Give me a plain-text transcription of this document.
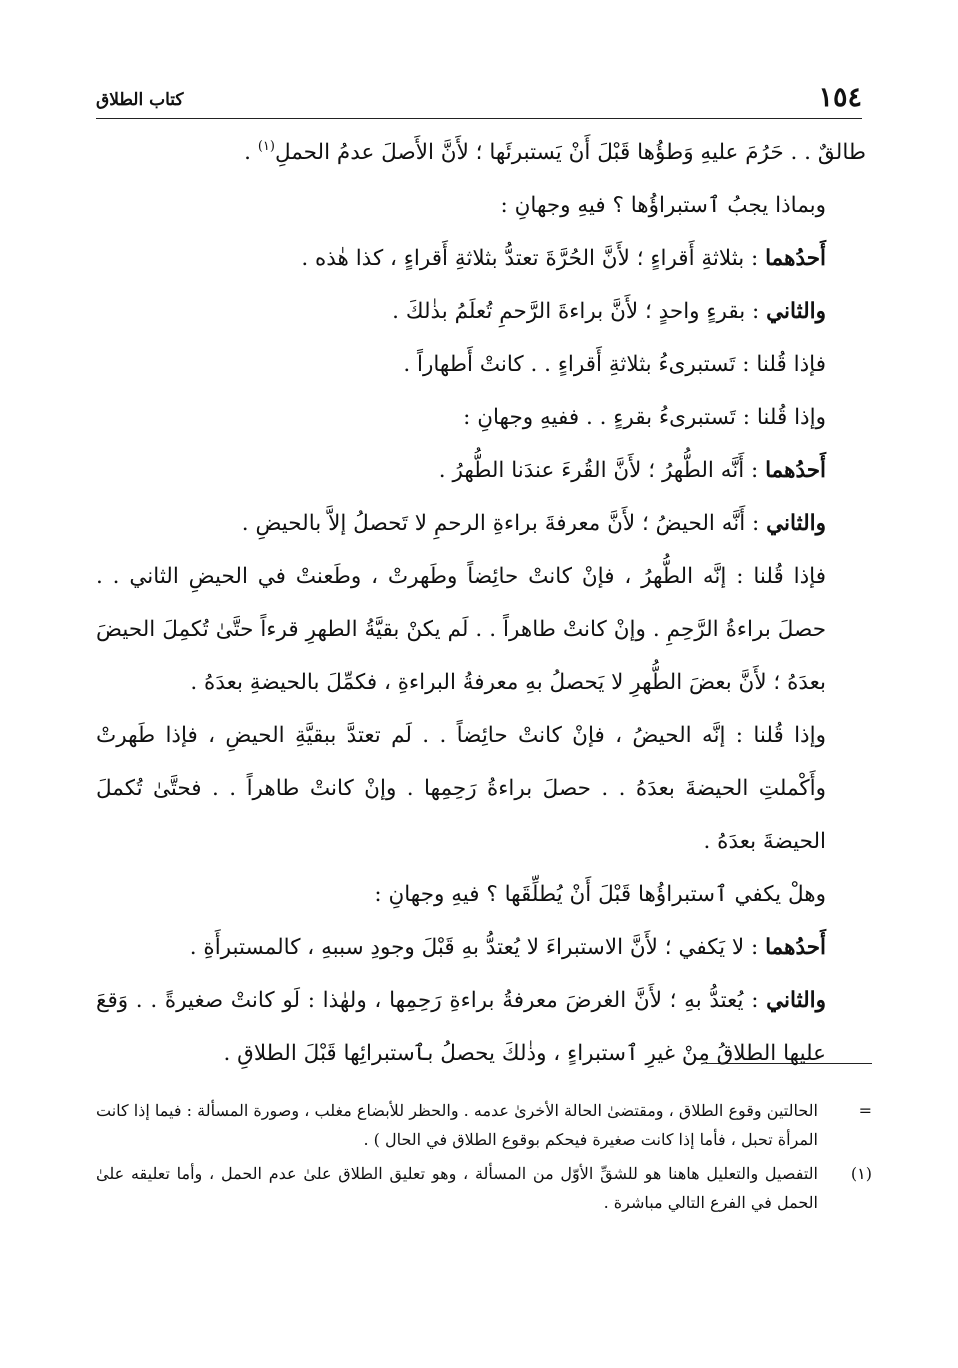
١٥٤
كتاب الطلاق

طالقٌ . . حَرُمَ عليهِ وَطؤُها قَبْلَ أَنْ يَستبرئَها ؛ لأَنَّ الأَصلَ عدمُ الحملِ$^{(١)}$ .

وبماذا يجبُ ٱستبراؤُها ؟ فيهِ وجهانِ :

أَحدُهما : بثلاثةِ أَقراءٍ ؛ لأَنَّ الحُرَّةَ تعتدُّ بثلاثةِ أَقراءٍ ، كذا هٰذه .

والثاني : بقرءٍ واحدٍ ؛ لأَنَّ براءةَ الرَّحمِ تُعلَمُ بذٰلكَ .

فإذا قُلنا : تَستبرىءُ بثلاثةِ أَقراءٍ . . كانتْ أَطهاراً .

وإذا قُلنا : تَستبرىءُ بقرءٍ . . ففيهِ وجهانِ :

أَحدُهما : أَنَّه الطُّهرُ ؛ لأَنَّ القُرءَ عندَنا الطُّهرُ .

والثاني : أَنَّه الحيضُ ؛ لأَنَّ معرفةَ براءةِ الرحمِ لا تَحصلُ إلاَّ بالحيضِ .

فإذا قُلنا : إنَّه الطُّهرُ ، فإنْ كانتْ حائِضاً وطَهرتْ ، وطَعنتْ في الحيضِ الثاني . . حصلَ براءةُ الرَّحِمِ . وإنْ كانتْ طاهراً . . لَم يكنْ بقيَّةُ الطهرِ قرءاً حتَّىٰ تُكمِلَ الحيضَ بعدَهُ ؛ لأَنَّ بعضَ الطُّهرِ لا يَحصلُ بهِ معرفةُ البراءةِ ، فكمِّلَ بالحيضةِ بعدَهُ .

وإذا قُلنا : إنَّه الحيضُ ، فإنْ كانتْ حائِضاً . . لَم تعتدَّ ببقيَّةِ الحيضِ ، فإذا طَهرتْ وأَكْملتِ الحيضةَ بعدَهُ . . حصلَ براءةُ رَحِمِها . وإنْ كانتْ طاهراً . . فحتَّىٰ تُكملَ الحيضةَ بعدَهُ .

وهلْ يكفي ٱستبراؤُها قَبْلَ أَنْ يُطلِّقَها ؟ فيهِ وجهانِ :

أَحدُهما : لا يَكفي ؛ لأَنَّ الاستبراءَ لا يُعتدُّ بهِ قَبْلَ وجودِ سببهِ ، كالمستبرأَةِ .

والثاني : يُعتدُّ بهِ ؛ لأَنَّ الغرضَ معرفةُ براءةِ رَحِمِها ، ولهٰذا : لَو كانتْ صغيرةً . . وَقعَ عليها الطلاقُ مِنْ غيرِ ٱستبراءٍ ، وذٰلكَ يحصلُ بٱستبرائِها قَبْلَ الطلاقِ .

=
الحالتين وقوع الطلاق ، ومقتضىٰ الحالة الأخرىٰ عدمه . والحظر للأبضاع مغلب ، وصورة المسألة : فيما إذا كانت المرأة تحبل ، فأما إذا كانت صغيرة فيحكم بوقوع الطلاق في الحال ) .

(١)
التفصيل والتعليل هاهنا هو للشقِّ الأوّل من المسألة ، وهو تعليق الطلاق علىٰ عدم الحمل ، وأما تعليقه علىٰ الحمل في الفرع التالي مباشرة .
